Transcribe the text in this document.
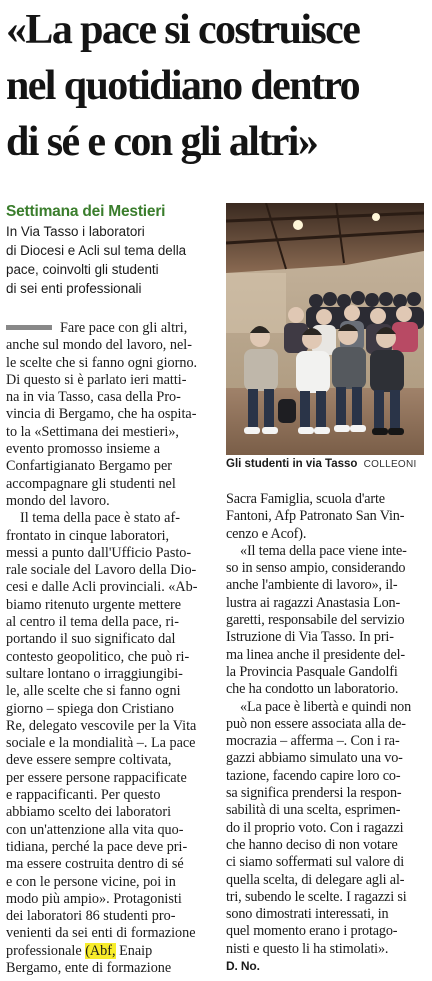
«La pace si costruisce
nel quotidiano dentro
di sé e con gli altri»
Settimana dei Mestieri
In Via Tasso i laboratori
di Diocesi e Acli sul tema della
pace, coinvolti gli studenti
di sei enti professionali
Gli studenti in via Tasso COLLEONI
Fare pace con gli altri,
anche sul mondo del lavoro, nel-
le scelte che si fanno ogni giorno.
Di questo si è parlato ieri matti-
na in via Tasso, casa della Pro-
vincia di Bergamo, che ha ospita-
to la «Settimana dei mestieri»,
evento promosso insieme a
Confartigianato Bergamo per
accompagnare gli studenti nel
mondo del lavoro.
Il tema della pace è stato af-
frontato in cinque laboratori,
messi a punto dall'Ufficio Pasto-
rale sociale del Lavoro della Dio-
cesi e dalle Acli provinciali. «Ab-
biamo ritenuto urgente mettere
al centro il tema della pace, ri-
portando il suo significato dal
contesto geopolitico, che può ri-
sultare lontano o irraggiungibi-
le, alle scelte che si fanno ogni
giorno – spiega don Cristiano
Re, delegato vescovile per la Vita
sociale e la mondialità –. La pace
deve essere sempre coltivata,
per essere persone rappacificate
e rappacificanti. Per questo
abbiamo scelto dei laboratori
con un'attenzione alla vita quo-
tidiana, perché la pace deve pri-
ma essere costruita dentro di sé
e con le persone vicine, poi in
modo più ampio». Protagonisti
dei laboratori 86 studenti pro-
venienti da sei enti di formazione
professionale (Abf, Enaip
Bergamo, ente di formazione
Sacra Famiglia, scuola d'arte
Fantoni, Afp Patronato San Vin-
cenzo e Acof).
«Il tema della pace viene inte-
so in senso ampio, considerando
anche l'ambiente di lavoro», il-
lustra ai ragazzi Anastasia Lon-
garetti, responsabile del servizio
Istruzione di Via Tasso. In pri-
ma linea anche il presidente del-
la Provincia Pasquale Gandolfi
che ha condotto un laboratorio.
«La pace è libertà e quindi non
può non essere associata alla de-
mocrazia – afferma –. Con i ra-
gazzi abbiamo simulato una vo-
tazione, facendo capire loro co-
sa significa prendersi la respon-
sabilità di una scelta, esprimen-
do il proprio voto. Con i ragazzi
che hanno deciso di non votare
ci siamo soffermati sul valore di
quella scelta, di delegare agli al-
tri, subendo le scelte. I ragazzi si
sono dimostrati interessati, in
quel momento erano i protago-
nisti e questo li ha stimolati».
D. No.
